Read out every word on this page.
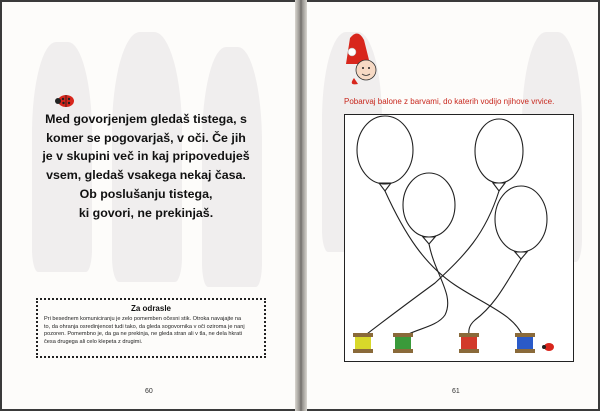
Med govorjenjem gledaš tistega, s
komer se pogovarjaš, v oči. Če jih
je v skupini več in kaj pripoveduješ
vsem, gledaš vsakega nekaj časa.
Ob poslušanju tistega,
ki govori, ne prekinjaš.
Za odrasle
Pri besednem komuniciranju je zelo pomemben očesni stik. Otroka navajajte na
to, da ohranja osredinjenost tudi tako, da gleda sogovornika v oči oziroma je nanj
pozoren. Pomembno je, da ga ne prekinja, ne gleda stran ali v tla, ne dela hkrati
česa drugega ali celo klepeta z drugimi.
60
Pobarvaj balone z barvami, do katerih vodijo njihove vrvice.
61
